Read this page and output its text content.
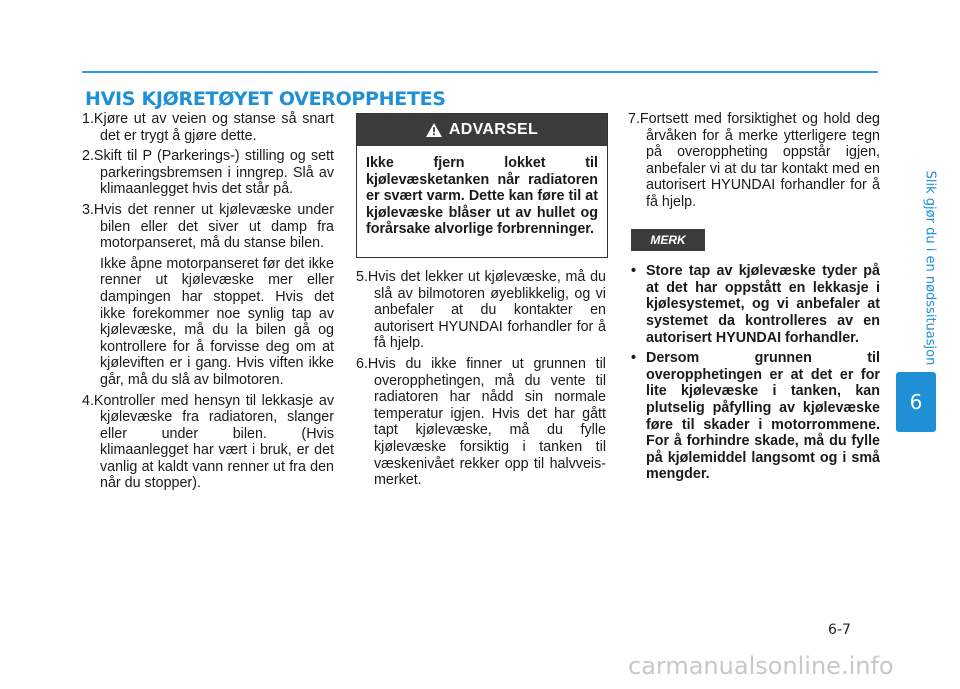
HVIS KJØRETØYET OVEROPPHETES
Slik gjør du i en nødssituasjon
6

1.Kjøre ut av veien og stanse så snart det er trygt å gjøre dette.

2.Skift til P (Parkerings-) stilling og sett parkeringsbremsen i inngrep. Slå av klimaanlegget hvis det står på.

3.Hvis det renner ut kjølevæske under bilen eller det siver ut damp fra motorpanseret, må du stanse bilen.

Ikke åpne motorpanseret før det ikke renner ut kjølevæske mer eller dampingen har stoppet. Hvis det ikke forekommer noe synlig tap av kjølevæske, må du la bilen gå og kontrollere for å forvisse deg om at kjøleviften er i gang. Hvis viften ikke går, må du slå av bilmotoren.

4.Kontroller med hensyn til lekkasje av kjølevæske fra radiatoren, slanger eller under bilen. (Hvis klimaanlegget har vært i bruk, er det vanlig at kaldt vann renner ut fra den når du stopper).

ADVARSEL
Ikke fjern lokket til kjølevæsketanken når radiatoren er svært varm. Dette kan føre til at kjølevæske blåser ut av hullet og forårsake alvorlige forbrenninger.

5.Hvis det lekker ut kjølevæske, må du slå av bilmotoren øyeblikkelig, og vi anbefaler at du kontakter en autorisert HYUNDAI forhandler for å få hjelp.

6.Hvis du ikke finner ut grunnen til overopphetingen, må du vente til radiatoren har nådd sin normale temperatur igjen. Hvis det har gått tapt kjølevæske, må du fylle kjølevæske forsiktig i tanken til væskenivået rekker opp til halvveis-merket.

7.Fortsett med forsiktighet og hold deg årvåken for å merke ytterligere tegn på overoppheting oppstår igjen, anbefaler vi at du tar kontakt med en autorisert HYUNDAI forhandler for å få hjelp.

MERK
• Store tap av kjølevæske tyder på at det har oppstått en lekkasje i kjølesystemet, og vi anbefaler at systemet da kontrolleres av en autorisert HYUNDAI forhandler.
• Dersom grunnen til overopphetingen er at det er for lite kjølevæske i tanken, kan plutselig påfylling av kjølevæske føre til skader i motorrommene. For å forhindre skade, må du fylle på kjølemiddel langsomt og i små mengder.
6-7
carmanualsonline.info
